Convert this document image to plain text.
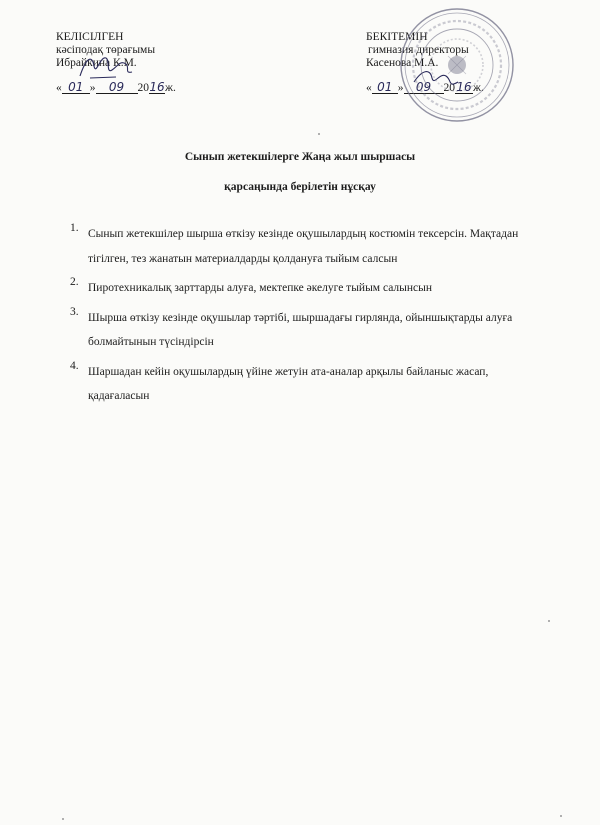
КЕЛІСІЛГЕН
кәсіподақ төрағымы
Ибрайкина К.М.
« 01 » 09 2016ж.
БЕКІТЕМІН
гимназия директоры
Касенова М.А.
« 01 » 09 2016ж.
Сынып жетекшілерге Жаңа жыл шыршасы
қарсаңында берілетін нұсқау
1. Сынып жетекшілер шырша өткізу кезінде оқушылардың костюмін тексерсін. Мақтадан тігілген, тез жанатын материалдарды қолдануға тыйым салсын
2. Пиротехникалық зарттарды алуға, мектепке әкелуге тыйым салынсын
3. Шырша өткізу кезінде оқушылар тәртібі, шыршадағы гирлянда, ойыншықтарды алуға болмайтынын түсіндірсін
4. Шаршадан кейін оқушылардың үйіне жетуін ата-аналар арқылы байланыс жасап, қадағаласын
